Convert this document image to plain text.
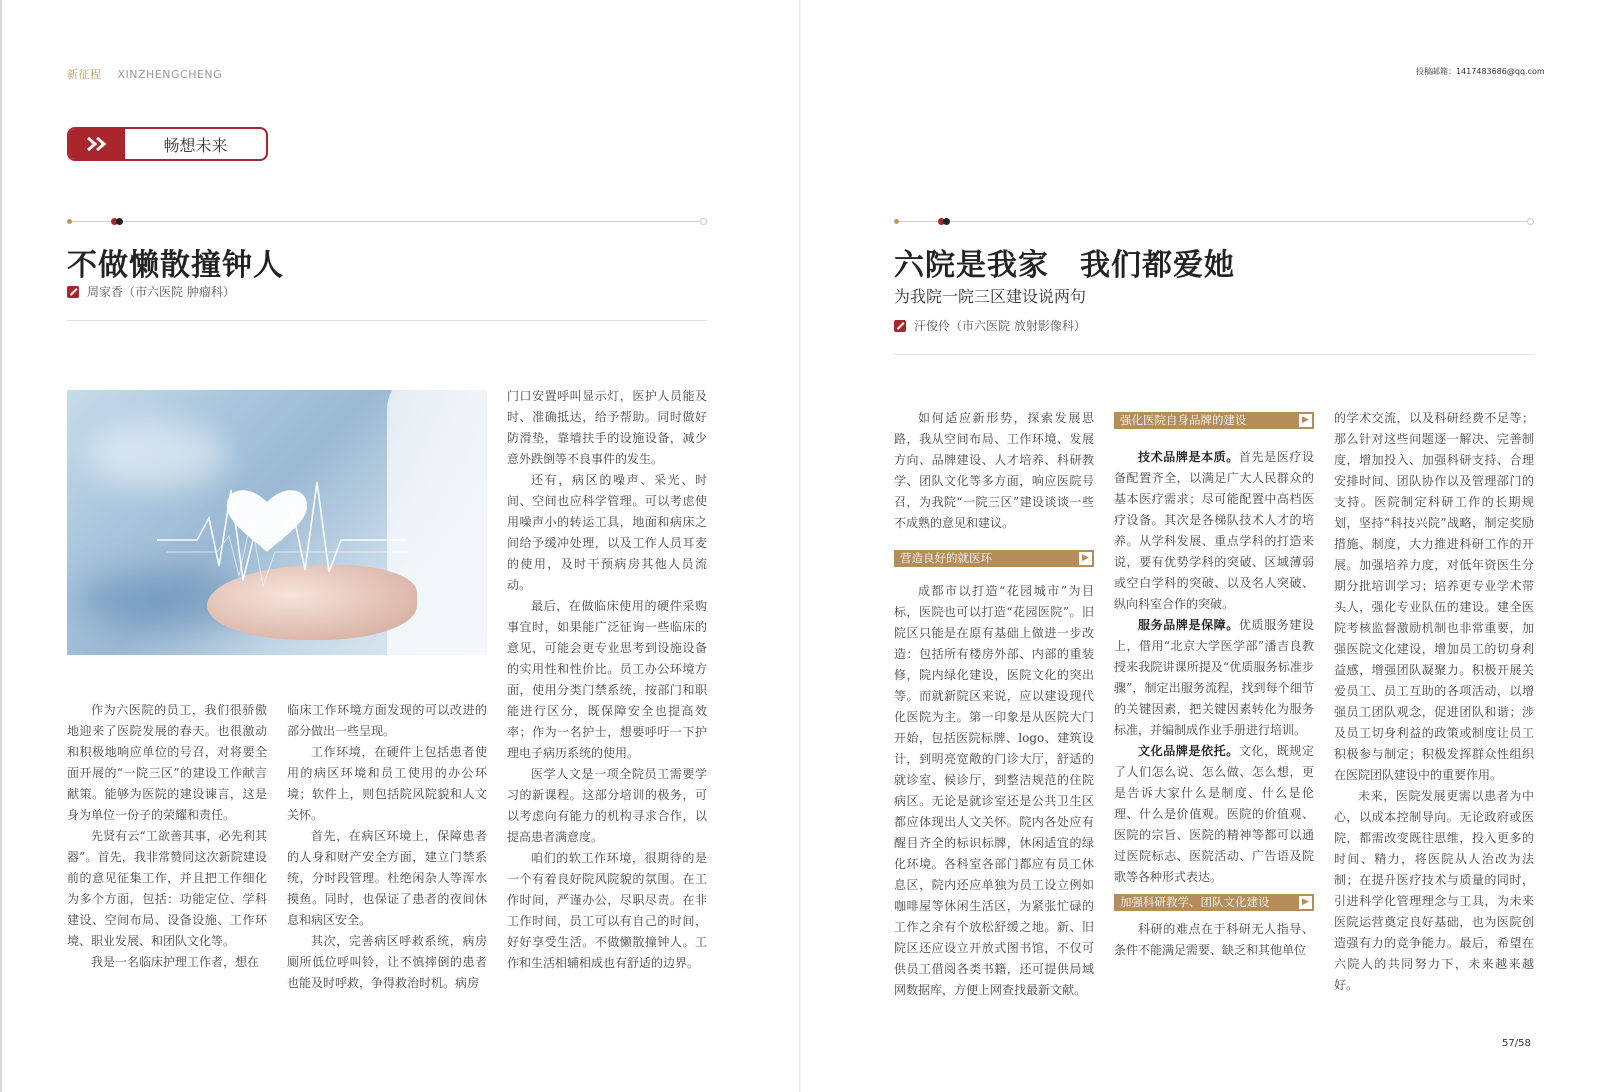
新征程 XINZHENGCHENG	投稿邮箱：1417483686@qq.com
畅想未来
不做懒散撞钟人
周家香（市六医院 肿瘤科）

作为六医院的员工，我们很骄傲地迎来了医院发展的春天。也很激动和积极地响应单位的号召，对将要全面开展的“一院三区”的建设工作献言献策。能够为医院的建设谏言，这是身为单位一份子的荣耀和责任。

先贤有云“工欲善其事，必先利其器”。首先，我非常赞同这次新院建设前的意见征集工作，并且把工作细化为多个方面，包括：功能定位、学科建设、空间布局、设备设施、工作环境、职业发展、和团队文化等。

我是一名临床护理工作者，想在

临床工作环境方面发现的可以改进的部分做出一些呈现。

工作环境，在硬件上包括患者使用的病区环境和员工使用的办公环境；软件上，则包括院风院貌和人文关怀。

首先，在病区环境上，保障患者的人身和财产安全方面，建立门禁系统，分时段管理。杜绝闲杂人等浑水摸鱼。同时，也保证了患者的夜间休息和病区安全。

其次，完善病区呼救系统，病房厕所低位呼叫铃，让不慎摔倒的患者也能及时呼救，争得救治时机。病房

门口安置呼叫显示灯，医护人员能及时、准确抵达，给予帮助。同时做好防滑垫，靠墙扶手的设施设备，减少意外跌倒等不良事件的发生。

还有，病区的噪声、采光、时间、空间也应科学管理。可以考虑使用噪声小的转运工具，地面和病床之间给予缓冲处理，以及工作人员耳麦的使用，及时干预病房其他人员流动。

最后，在做临床使用的硬件采购事宜时，如果能广泛征询一些临床的意见，可能会更专业思考到设施设备的实用性和性价比。员工办公环境方面，使用分类门禁系统，按部门和职能进行区分，既保障安全也提高效率；作为一名护士，想要呼吁一下护理电子病历系统的使用。

医学人文是一项全院员工需要学习的新课程。这部分培训的极务，可以考虑向有能力的机构寻求合作，以提高患者满意度。

咱们的软工作环境，很期待的是一个有着良好院风院貌的氛围。在工作时间，严谨办公，尽职尽责。在非工作时间，员工可以有自己的时间，好好享受生活。不做懒散撞钟人。工作和生活相辅相成也有舒适的边界。

六院是我家　我们都爱她
为我院一院三区建设说两句
汗俊伶（市六医院 放射影像科）

如何适应新形势，探索发展思路，我从空间布局、工作环境、发展方向、品牌建设、人才培养、科研教学、团队文化等多方面，响应医院号召，为我院“一院三区”建设谈谈一些不成熟的意见和建议。

营造良好的就医环	▶

成都市以打造“花园城市”为目标，医院也可以打造“花园医院”。旧院区只能是在原有基础上做进一步改造：包括所有楼房外部、内部的重装修，院内绿化建设，医院文化的突出等。而就新院区来说，应以建设现代化医院为主。第一印象是从医院大门开始，包括医院标牌、logo、建筑设计，到明亮宽敞的门诊大厅，舒适的就诊室、候诊厅，到整洁规范的住院病区。无论是就诊室还是公共卫生区都应体现出人文关怀。院内各处应有醒目齐全的标识标牌，休闲适宜的绿化环境。各科室各部门都应有员工休息区，院内还应单独为员工设立例如咖啡屋等休闲生活区，为紧张忙碌的工作之余有个放松舒缓之地。新、旧院区还应设立开放式图书馆，不仅可供员工借阅各类书籍，还可提供局域网数据库，方便上网查找最新文献。

强化医院自身品牌的建设	▶

技术品牌是本质。首先是医疗设备配置齐全，以满足广大人民群众的基本医疗需求；尽可能配置中高档医疗设备。其次是各梯队技术人才的培养。从学科发展、重点学科的打造来说，要有优势学科的突破、区域薄弱或空白学科的突破、以及名人突破、纵向科室合作的突破。

服务品牌是保障。优质服务建设上，借用“北京大学医学部”潘吉良教授来我院讲课所提及“优质服务标准步骤”，制定出服务流程，找到每个细节的关键因素，把关键因素转化为服务标准，并编制成作业手册进行培训。

文化品牌是依托。文化，既规定了人们怎么说、怎么做、怎么想，更是告诉大家什么是制度、什么是伦理、什么是价值观。医院的价值观、医院的宗旨、医院的精神等都可以通过医院标志、医院活动、广告语及院歌等各种形式表达。

加强科研教学、团队文化建设	▶

科研的难点在于科研无人指导、条件不能满足需要、缺乏和其他单位

的学术交流，以及科研经费不足等；那么针对这些问题逐一解决、完善制度，增加投入、加强科研支持、合理安排时间、团队协作以及管理部门的支持。医院制定科研工作的长期规划，坚持“科技兴院”战略，制定奖励措施、制度，大力推进科研工作的开展。加强培养力度，对低年资医生分期分批培训学习；培养更专业学术带头人，强化专业队伍的建设。建全医院考核监督激励机制也非常重要，加强医院文化建设，增加员工的切身利益感，增强团队凝聚力。积极开展关爱员工、员工互助的各项活动，以增强员工团队观念，促进团队和谐；涉及员工切身利益的政策或制度让员工积极参与制定；积极发挥群众性组织在医院团队建设中的重要作用。

未来，医院发展更需以患者为中心，以成本控制导向。无论政府或医院，都需改变既往思维，投入更多的时间、精力，将医院从人治改为法制；在提升医疗技术与质量的同时，引进科学化管理理念与工具，为未来医院运营奠定良好基础，也为医院创造强有力的竞争能力。最后，希望在六院人的共同努力下，未来越来越好。

57/58
